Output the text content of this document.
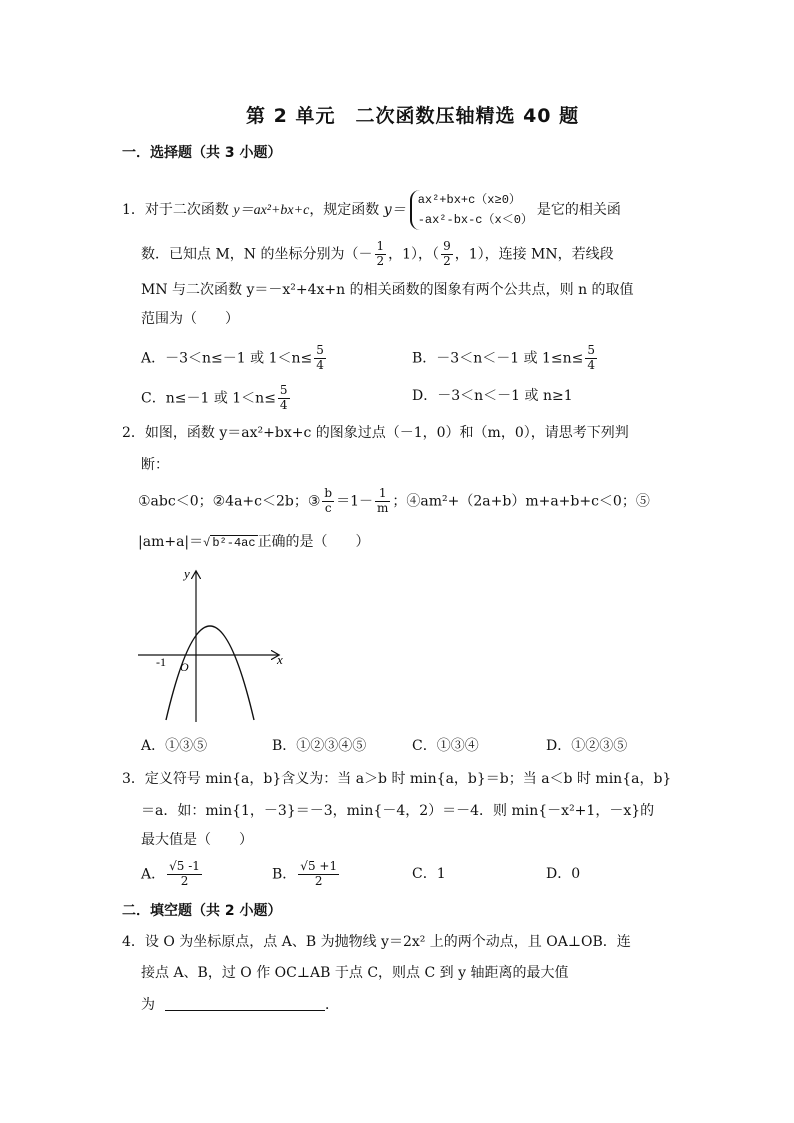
第 2 单元　二次函数压轴精选 40 题
一．选择题（共 3 小题）
1．对于二次函数 y＝ax²+bx+c，规定函数 y＝
ax²+bx+c（x≥0）
-ax²-bx-c（x＜0）
是它的相关函
数．已知点 M，N 的坐标分别为（－ $\frac{1}{2}$ ，1），（ $\frac{9}{2}$ ，1），连接 MN，若线段
MN 与二次函数 y＝－x²+4x+n 的相关函数的图象有两个公共点，则 n 的取值
范围为（　　）
A．－3＜n≤－1 或 $1<n\le \frac{5}{4}$	B．－3＜n＜－1 或 $1\le n\le \frac{5}{4}$
C．n≤－1 或 $1<n\le \frac{5}{4}$	D．－3＜n＜－1 或 n≥1
2．如图，函数 y＝ax²+bx+c 的图象过点（－1，0）和（m，0），请思考下列判
断：
①abc＜0；②4a+c＜2b；③ $\frac{b}{c} =1- \frac{1}{m}$ ；④am²+（2a+b）m+a+b+c＜0；⑤
|am+a|＝√ b²-4ac 正确的是（　　）
y
x
O
-1
A．①③⑤	B．①②③④⑤	C．①③④	D．①②③⑤
3．定义符号 min{a，b}含义为：当 a＞b 时 min{a，b}＝b；当 a＜b 时 min{a，b}
＝a．如：min{1，－3}＝－3，min{－4，2）＝－4．则 min{－x²+1，－x}的
最大值是（　　）
A． $\frac{√5 -1}{2}$	B． $\frac{√5 +1}{2}$	C．1	D．0
二．填空题（共 2 小题）
4．设 O 为坐标原点，点 A、B 为抛物线 y＝2x² 上的两个动点，且 OA⊥OB．连
接点 A、B，过 O 作 OC⊥AB 于点 C，则点 C 到 y 轴距离的最大值
为	．
